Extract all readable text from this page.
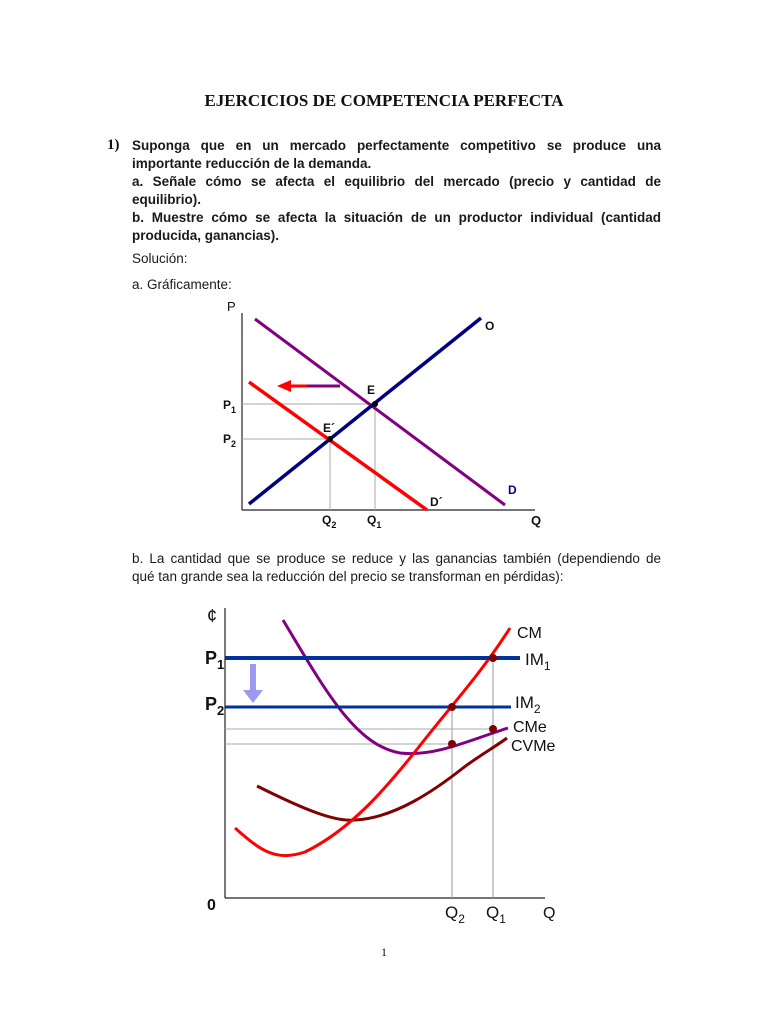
EJERCICIOS DE COMPETENCIA PERFECTA
1) Suponga que en un mercado perfectamente competitivo se produce una
importante reducción de la demanda.
a. Señale cómo se afecta el equilibrio del mercado (precio y cantidad de
equilibrio).
b. Muestre cómo se afecta la situación de un productor individual (cantidad
producida, ganancias).
Solución:
a. Gráficamente:
P
Q
O
D
D´
E
E´
$P_1$
$P_2$
$Q_2$	$Q_1$
b. La cantidad que se produce se reduce y las ganancias también (dependiendo de
qué tan grande sea la reducción del precio se transforman en pérdidas):
¢
Q
0
$P_1$
$P_2$
$IM_1$
$IM_2$
CM
CMe
CVMe
$Q_2$ $Q_1$
1
